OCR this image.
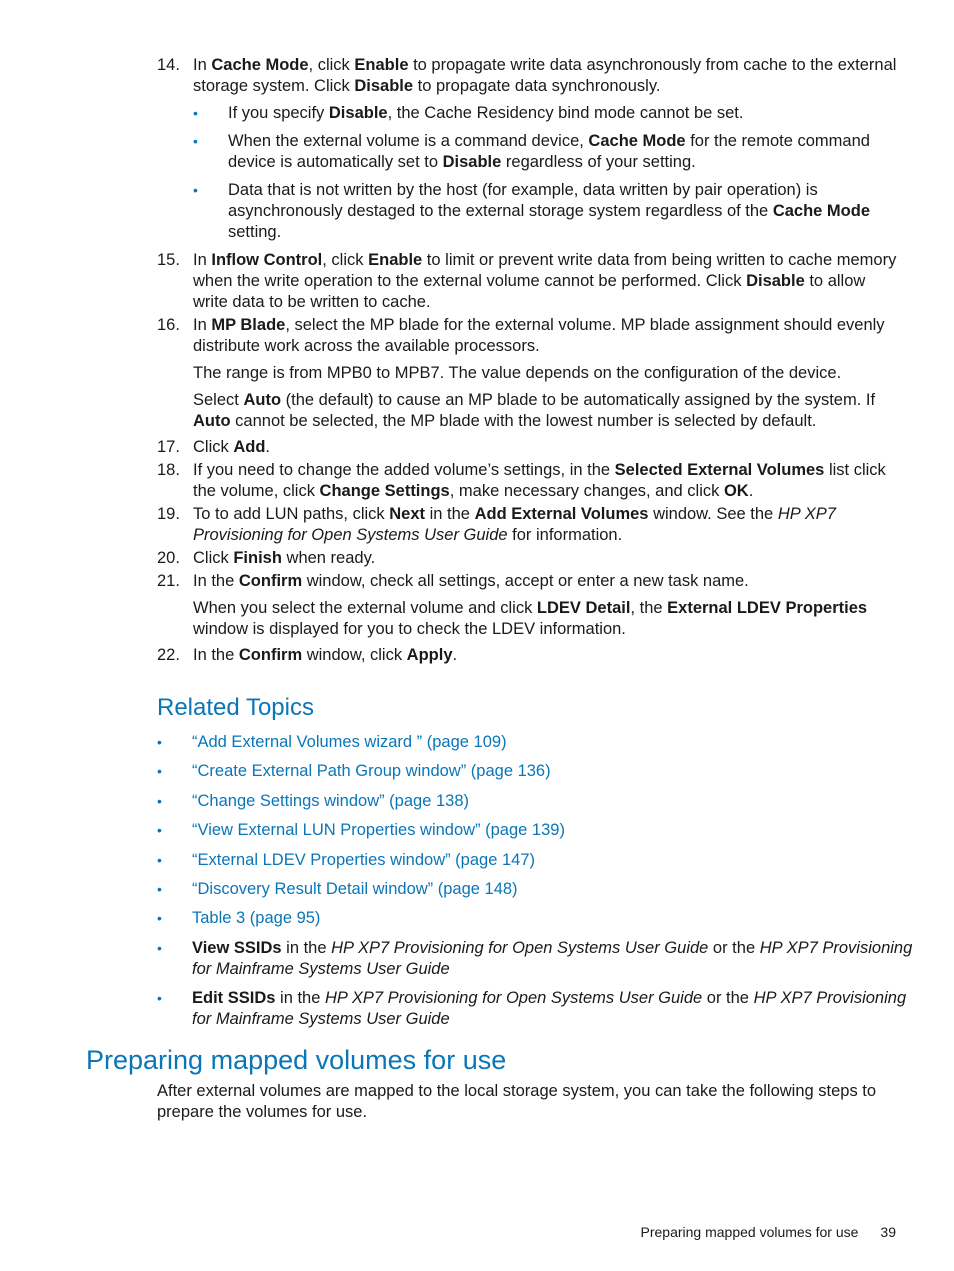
14. In Cache Mode, click Enable to propagate write data asynchronously from cache to the external storage system. Click Disable to propagate data synchronously.
• If you specify Disable, the Cache Residency bind mode cannot be set.
• When the external volume is a command device, Cache Mode for the remote command device is automatically set to Disable regardless of your setting.
• Data that is not written by the host (for example, data written by pair operation) is asynchronously destaged to the external storage system regardless of the Cache Mode setting.
15. In Inflow Control, click Enable to limit or prevent write data from being written to cache memory when the write operation to the external volume cannot be performed. Click Disable to allow write data to be written to cache.
16. In MP Blade, select the MP blade for the external volume. MP blade assignment should evenly distribute work across the available processors.

The range is from MPB0 to MPB7. The value depends on the configuration of the device.

Select Auto (the default) to cause an MP blade to be automatically assigned by the system. If Auto cannot be selected, the MP blade with the lowest number is selected by default.

17. Click Add.
18. If you need to change the added volume’s settings, in the Selected External Volumes list click the volume, click Change Settings, make necessary changes, and click OK.
19. To to add LUN paths, click Next in the Add External Volumes window. See the HP XP7 Provisioning for Open Systems User Guide for information.
20. Click Finish when ready.
21. In the Confirm window, check all settings, accept or enter a new task name.

When you select the external volume and click LDEV Detail, the External LDEV Properties window is displayed for you to check the LDEV information.

22. In the Confirm window, click Apply.
Related Topics
• “Add External Volumes wizard ” (page 109)
• “Create External Path Group window” (page 136)
• “Change Settings window” (page 138)
• “View External LUN Properties window” (page 139)
• “External LDEV Properties window” (page 147)
• “Discovery Result Detail window” (page 148)
• Table 3 (page 95)
• View SSIDs in the HP XP7 Provisioning for Open Systems User Guide or the HP XP7 Provisioning for Mainframe Systems User Guide
• Edit SSIDs in the HP XP7 Provisioning for Open Systems User Guide or the HP XP7 Provisioning for Mainframe Systems User Guide
Preparing mapped volumes for use

After external volumes are mapped to the local storage system, you can take the following steps to prepare the volumes for use.

Preparing mapped volumes for use 39
